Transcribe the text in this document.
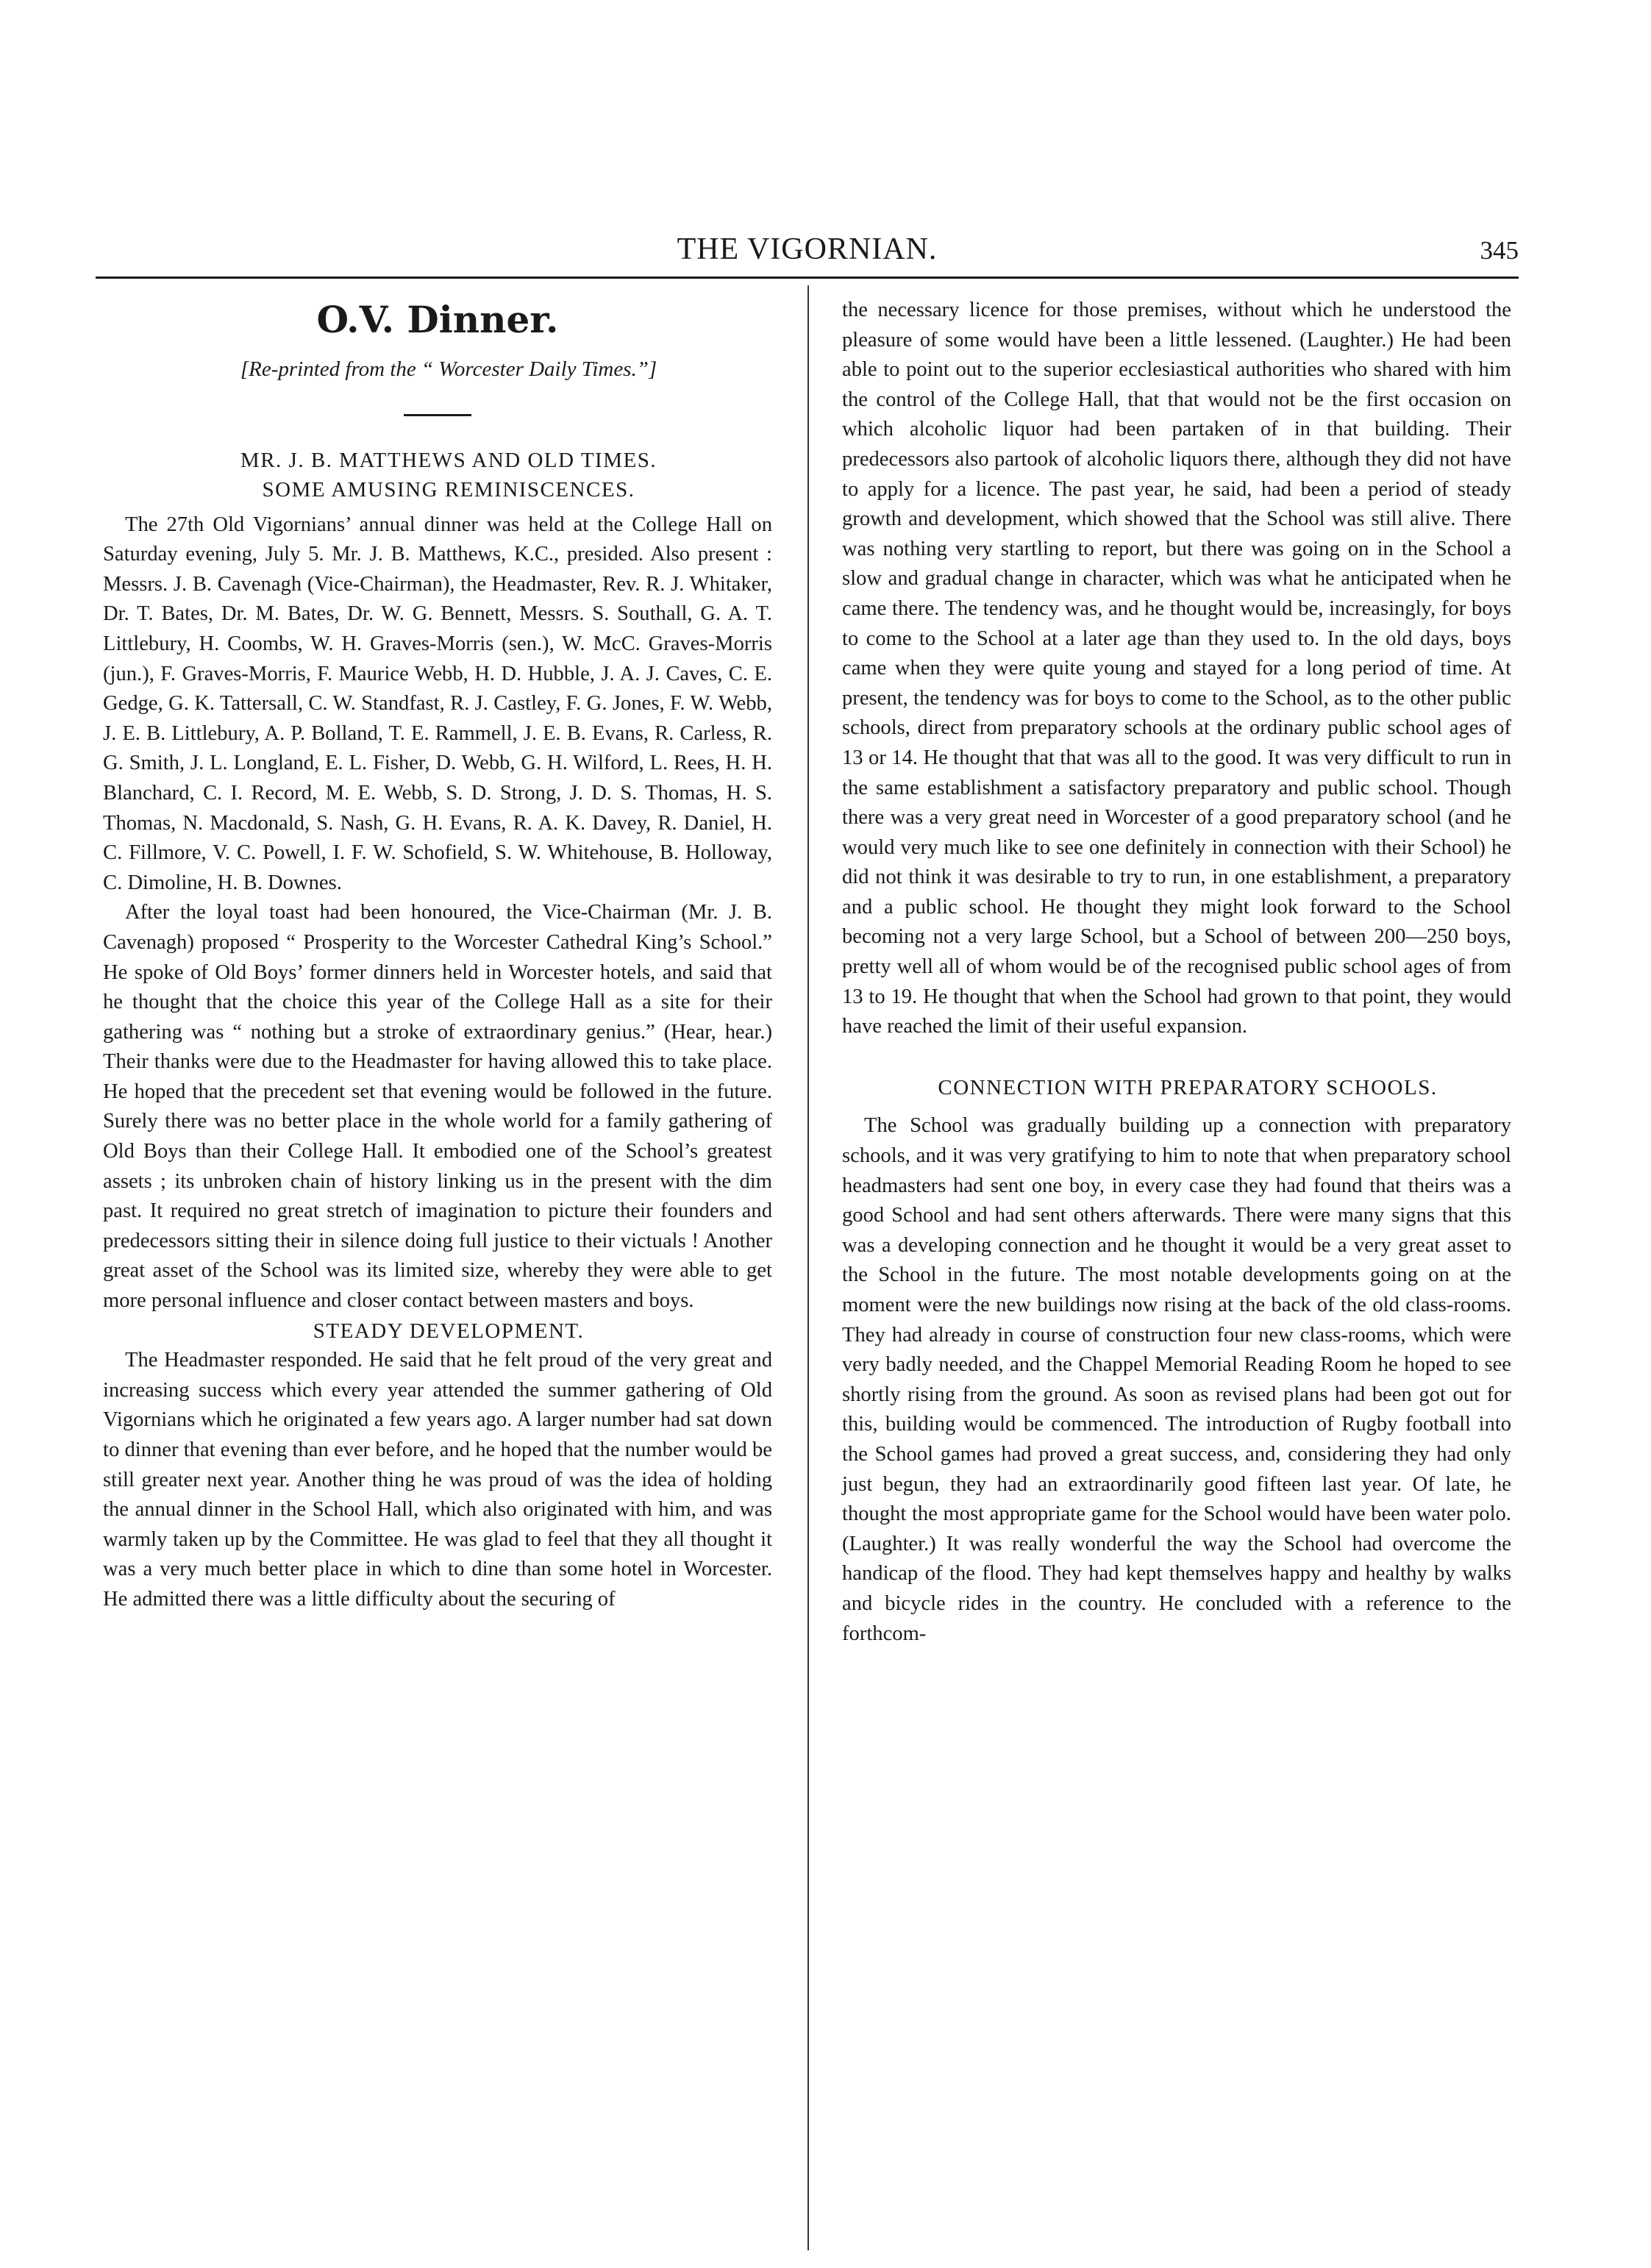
THE VIGORNIAN.	345
O.V. Dinner.

[Re-printed from the “ Worcester Daily Times.”]

MR. J. B. MATTHEWS AND OLD TIMES.

SOME AMUSING REMINISCENCES.

The 27th Old Vigornians’ annual dinner was held at the College Hall on Saturday evening, July 5. Mr. J. B. Matthews, K.C., presided. Also present : Messrs. J. B. Cavenagh (Vice-Chairman), the Headmaster, Rev. R. J. Whitaker, Dr. T. Bates, Dr. M. Bates, Dr. W. G. Bennett, Messrs. S. Southall, G. A. T. Littlebury, H. Coombs, W. H. Graves-Morris (sen.), W. McC. Graves-Morris (jun.), F. Graves-Morris, F. Maurice Webb, H. D. Hubble, J. A. J. Caves, C. E. Gedge, G. K. Tattersall, C. W. Standfast, R. J. Castley, F. G. Jones, F. W. Webb, J. E. B. Littlebury, A. P. Bolland, T. E. Rammell, J. E. B. Evans, R. Carless, R. G. Smith, J. L. Longland, E. L. Fisher, D. Webb, G. H. Wilford, L. Rees, H. H. Blanchard, C. I. Record, M. E. Webb, S. D. Strong, J. D. S. Thomas, H. S. Thomas, N. Macdonald, S. Nash, G. H. Evans, R. A. K. Davey, R. Daniel, H. C. Fillmore, V. C. Powell, I. F. W. Schofield, S. W. Whitehouse, B. Holloway, C. Dimoline, H. B. Downes.

After the loyal toast had been honoured, the Vice-Chairman (Mr. J. B. Cavenagh) proposed “ Prosperity to the Worcester Cathedral King’s School.” He spoke of Old Boys’ former dinners held in Worcester hotels, and said that he thought that the choice this year of the College Hall as a site for their gathering was “ nothing but a stroke of extraordinary genius.” (Hear, hear.) Their thanks were due to the Headmaster for having allowed this to take place. He hoped that the precedent set that evening would be followed in the future. Surely there was no better place in the whole world for a family gathering of Old Boys than their College Hall. It embodied one of the School’s greatest assets ; its unbroken chain of history linking us in the present with the dim past. It required no great stretch of imagination to picture their founders and predecessors sitting their in silence doing full justice to their victuals ! Another great asset of the School was its limited size, whereby they were able to get more personal influence and closer contact between masters and boys.

STEADY DEVELOPMENT.

The Headmaster responded. He said that he felt proud of the very great and increasing success which every year attended the summer gathering of Old Vigornians which he originated a few years ago. A larger number had sat down to dinner that evening than ever before, and he hoped that the number would be still greater next year. Another thing he was proud of was the idea of holding the annual dinner in the School Hall, which also originated with him, and was warmly taken up by the Committee. He was glad to feel that they all thought it was a very much better place in which to dine than some hotel in Worcester. He admitted there was a little difficulty about the securing of

the necessary licence for those premises, without which he understood the pleasure of some would have been a little lessened. (Laughter.) He had been able to point out to the superior ecclesiastical authorities who shared with him the control of the College Hall, that that would not be the first occasion on which alcoholic liquor had been partaken of in that building. Their predecessors also partook of alcoholic liquors there, although they did not have to apply for a licence. The past year, he said, had been a period of steady growth and development, which showed that the School was still alive. There was nothing very startling to report, but there was going on in the School a slow and gradual change in character, which was what he anticipated when he came there. The tendency was, and he thought would be, increasingly, for boys to come to the School at a later age than they used to. In the old days, boys came when they were quite young and stayed for a long period of time. At present, the tendency was for boys to come to the School, as to the other public schools, direct from preparatory schools at the ordinary public school ages of 13 or 14. He thought that that was all to the good. It was very difficult to run in the same establishment a satisfactory preparatory and public school. Though there was a very great need in Worcester of a good preparatory school (and he would very much like to see one definitely in connection with their School) he did not think it was desirable to try to run, in one establishment, a preparatory and a public school. He thought they might look forward to the School becoming not a very large School, but a School of between 200—250 boys, pretty well all of whom would be of the recognised public school ages of from 13 to 19. He thought that when the School had grown to that point, they would have reached the limit of their useful expansion.

CONNECTION WITH PREPARATORY SCHOOLS.

The School was gradually building up a connection with preparatory schools, and it was very gratifying to him to note that when preparatory school headmasters had sent one boy, in every case they had found that theirs was a good School and had sent others afterwards. There were many signs that this was a developing connection and he thought it would be a very great asset to the School in the future. The most notable developments going on at the moment were the new buildings now rising at the back of the old class-rooms. They had already in course of construction four new class-rooms, which were very badly needed, and the Chappel Memorial Reading Room he hoped to see shortly rising from the ground. As soon as revised plans had been got out for this, building would be commenced. The introduction of Rugby football into the School games had proved a great success, and, considering they had only just begun, they had an extraordinarily good fifteen last year. Of late, he thought the most appropriate game for the School would have been water polo. (Laughter.) It was really wonderful the way the School had overcome the handicap of the flood. They had kept themselves happy and healthy by walks and bicycle rides in the country. He concluded with a reference to the forthcom-
